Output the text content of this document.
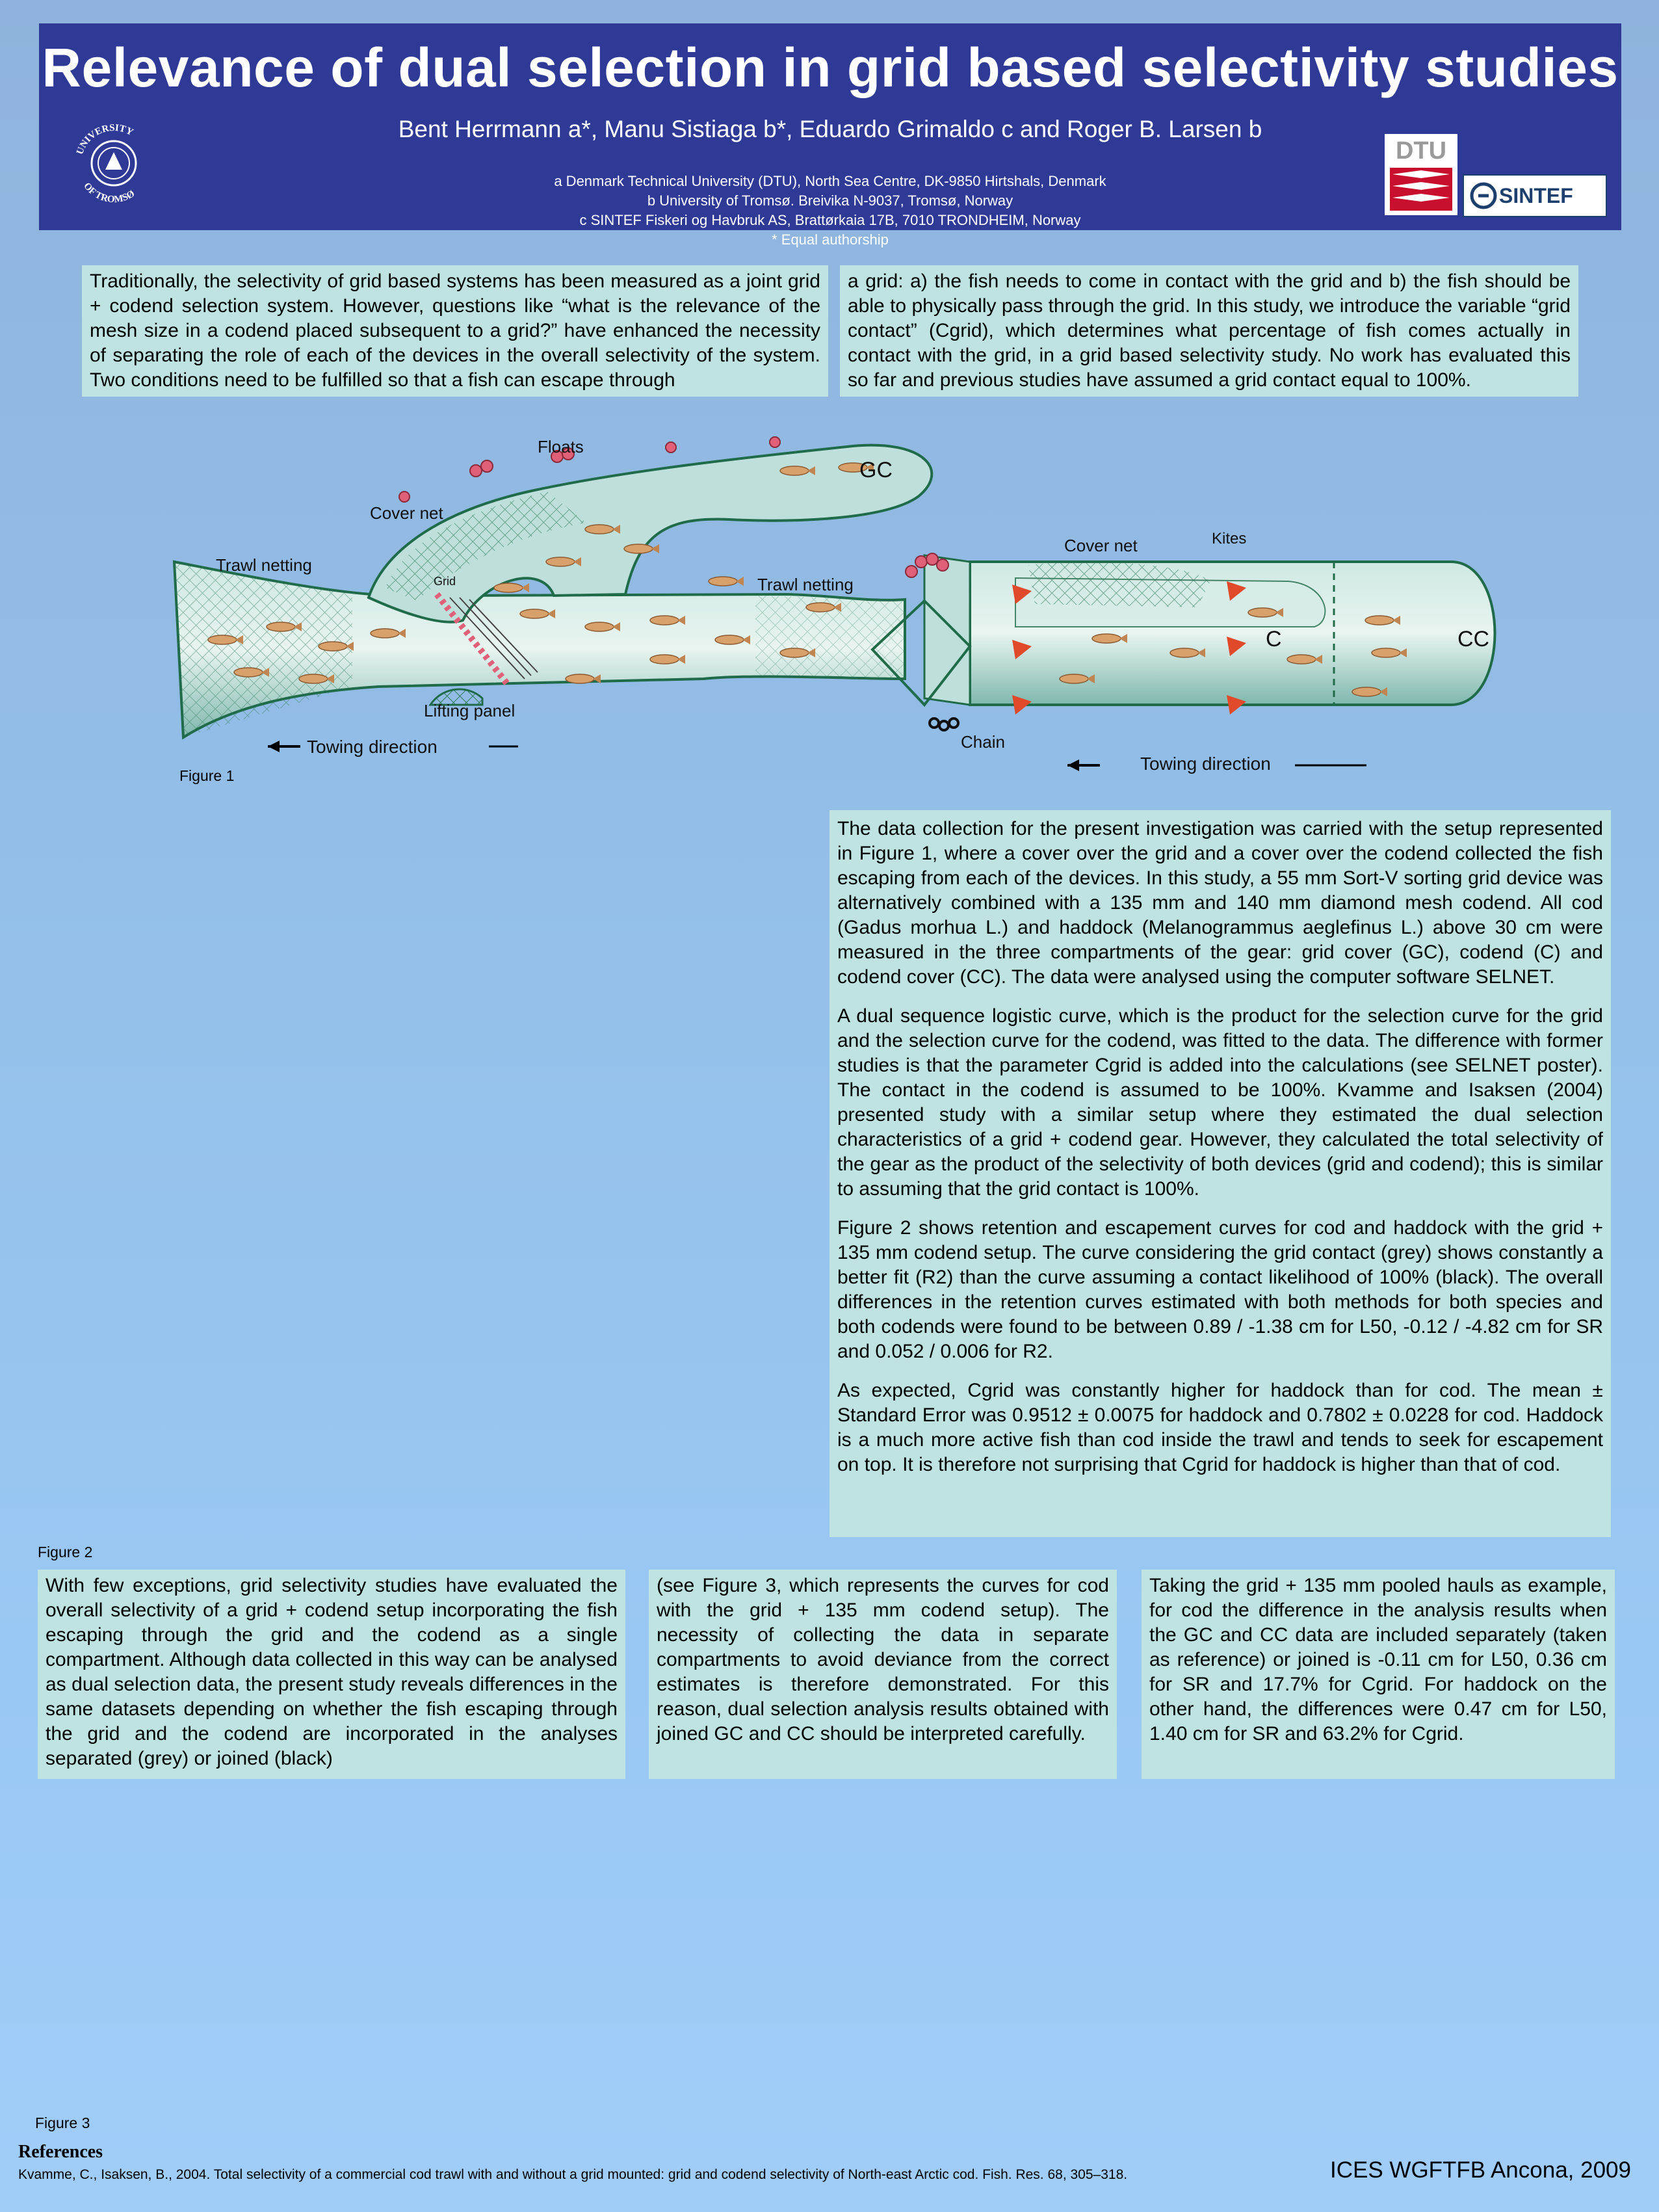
Relevance of dual selection in grid based selectivity studies
Bent Herrmann a*, Manu Sistiaga b*, Eduardo Grimaldo c and Roger B. Larsen b
a Denmark Technical University (DTU), North Sea Centre, DK-9850 Hirtshals, Denmark
b University of Tromsø. Breivika N-9037, Tromsø, Norway
c SINTEF Fiskeri og Havbruk AS, Brattørkaia 17B, 7010 TRONDHEIM, Norway
* Equal authorship
UNIVERSITY
OF TROMSØ
DTU
SINTEF
Traditionally, the selectivity of grid based systems has been measured as a joint grid + codend selection system. However, questions like “what is the relevance of the mesh size in a codend placed subsequent to a grid?” have enhanced the necessity of separating the role of each of the devices in the overall selectivity of the system. Two conditions need to be fulfilled so that a fish can escape through
a grid: a) the fish needs to come in contact with the grid and b) the fish should be able to physically pass through the grid. In this study, we introduce the variable “grid contact” (Cgrid), which determines what percentage of fish comes actually in contact with the grid, in a grid based selectivity study. No work has evaluated this so far and previous studies have assumed a grid contact equal to 100%.
Floats
GC
Cover net
Trawl netting
Grid	Trawl netting
Lifting panel
Towing direction
Cover net	Kites
C	CC
Chain
Towing direction
Figure 1

The data collection for the present investigation was carried with the setup represented in Figure 1, where a cover over the grid and a cover over the codend collected the fish escaping from each of the devices. In this study, a 55 mm Sort-V sorting grid device was alternatively combined with a 135 mm and 140 mm diamond mesh codend. All cod (Gadus morhua L.) and haddock (Melanogrammus aeglefinus L.) above 30 cm were measured in the three compartments of the gear: grid cover (GC), codend (C) and codend cover (CC). The data were analysed using the computer software SELNET.

A dual sequence logistic curve, which is the product for the selection curve for the grid and the selection curve for the codend, was fitted to the data. The difference with former studies is that the parameter Cgrid is added into the calculations (see SELNET poster). The contact in the codend is assumed to be 100%. Kvamme and Isaksen (2004) presented study with a similar setup where they estimated the dual selection characteristics of a grid + codend gear. However, they calculated the total selectivity of the gear as the product of the selectivity of both devices (grid and codend); this is similar to assuming that the grid contact is 100%.

Figure 2 shows retention and escapement curves for cod and haddock with the grid + 135 mm codend setup. The curve considering the grid contact (grey) shows constantly a better fit (R2) than the curve assuming a contact likelihood of 100% (black). The overall differences in the retention curves estimated with both methods for both species and both codends were found to be between 0.89 / -1.38 cm for L50, -0.12 / -4.82 cm for SR and 0.052 / 0.006 for R2.

As expected, Cgrid was constantly higher for haddock than for cod. The mean ± Standard Error was 0.9512 ± 0.0075 for haddock and 0.7802 ± 0.0228 for cod. Haddock is a much more active fish than cod inside the trawl and tends to seek for escapement on top. It is therefore not surprising that Cgrid for haddock is higher than that of cod.

Figure 2
With few exceptions, grid selectivity studies have evaluated the overall selectivity of a grid + codend setup incorporating the fish escaping through the grid and the codend as a single compartment. Although data collected in this way can be analysed as dual selection data, the present study reveals differences in the same datasets depending on whether the fish escaping through the grid and the codend are incorporated in the analyses separated (grey) or joined (black)
(see Figure 3, which represents the curves for cod with the grid + 135 mm codend setup). The necessity of collecting the data in separate compartments to avoid deviance from the correct estimates is therefore demonstrated. For this reason, dual selection analysis results obtained with joined GC and CC should be interpreted carefully.
Taking the grid + 135 mm pooled hauls as example, for cod the difference in the analysis results when the GC and CC data are included separately (taken as reference) or joined is -0.11 cm for L50, 0.36 cm for SR and 17.7% for Cgrid. For haddock on the other hand, the differences were 0.47 cm for L50, 1.40 cm for SR and 63.2% for Cgrid.
Figure 3
References
Kvamme, C., Isaksen, B., 2004. Total selectivity of a commercial cod trawl with and without a grid mounted: grid and codend selectivity of North-east Arctic cod. Fish. Res. 68, 305–318.	ICES WGFTFB Ancona, 2009
